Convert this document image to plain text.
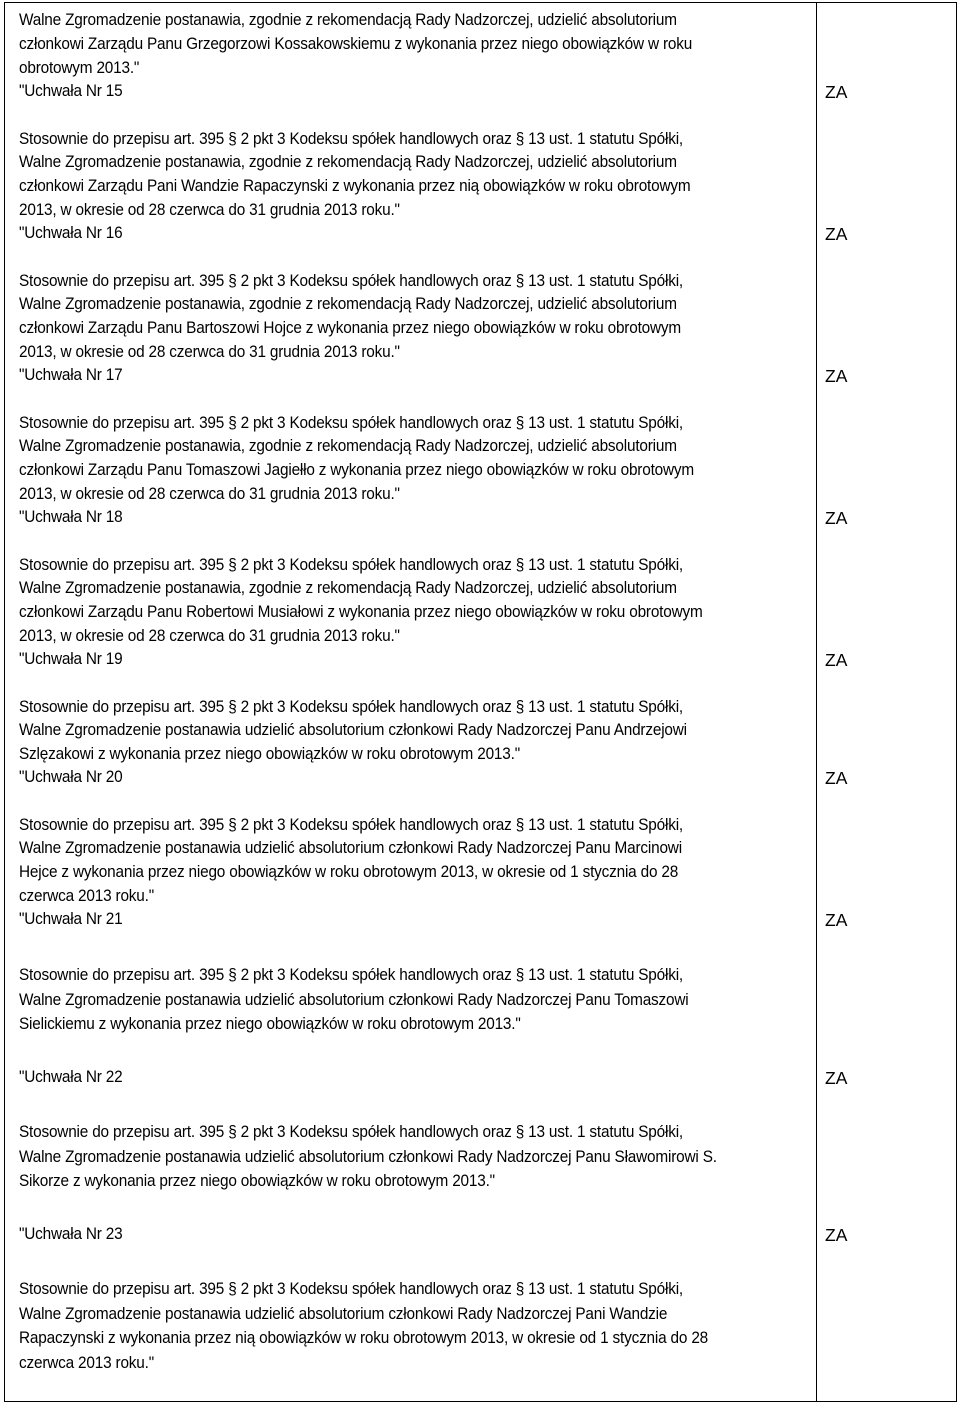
Walne Zgromadzenie postanawia, zgodnie z rekomendacją Rady Nadzorczej, udzielić absolutorium
członkowi Zarządu Panu Grzegorzowi Kossakowskiemu z wykonania przez niego obowiązków w roku
obrotowym 2013."
"Uchwała Nr 15	ZA
Stosownie do przepisu art. 395 § 2 pkt 3 Kodeksu spółek handlowych oraz § 13 ust. 1 statutu Spółki,
Walne Zgromadzenie postanawia, zgodnie z rekomendacją Rady Nadzorczej, udzielić absolutorium
członkowi Zarządu Pani Wandzie Rapaczynski z wykonania przez nią obowiązków w roku obrotowym
2013, w okresie od 28 czerwca do 31 grudnia 2013 roku."
"Uchwała Nr 16	ZA
Stosownie do przepisu art. 395 § 2 pkt 3 Kodeksu spółek handlowych oraz § 13 ust. 1 statutu Spółki,
Walne Zgromadzenie postanawia, zgodnie z rekomendacją Rady Nadzorczej, udzielić absolutorium
członkowi Zarządu Panu Bartoszowi Hojce z wykonania przez niego obowiązków w roku obrotowym
2013, w okresie od 28 czerwca do 31 grudnia 2013 roku."
"Uchwała Nr 17	ZA
Stosownie do przepisu art. 395 § 2 pkt 3 Kodeksu spółek handlowych oraz § 13 ust. 1 statutu Spółki,
Walne Zgromadzenie postanawia, zgodnie z rekomendacją Rady Nadzorczej, udzielić absolutorium
członkowi Zarządu Panu Tomaszowi Jagiełło z wykonania przez niego obowiązków w roku obrotowym
2013, w okresie od 28 czerwca do 31 grudnia 2013 roku."
"Uchwała Nr 18	ZA
Stosownie do przepisu art. 395 § 2 pkt 3 Kodeksu spółek handlowych oraz § 13 ust. 1 statutu Spółki,
Walne Zgromadzenie postanawia, zgodnie z rekomendacją Rady Nadzorczej, udzielić absolutorium
członkowi Zarządu Panu Robertowi Musiałowi z wykonania przez niego obowiązków w roku obrotowym
2013, w okresie od 28 czerwca do 31 grudnia 2013 roku."
"Uchwała Nr 19	ZA
Stosownie do przepisu art. 395 § 2 pkt 3 Kodeksu spółek handlowych oraz § 13 ust. 1 statutu Spółki,
Walne Zgromadzenie postanawia udzielić absolutorium członkowi Rady Nadzorczej Panu Andrzejowi
Szlęzakowi z wykonania przez niego obowiązków w roku obrotowym 2013."
"Uchwała Nr 20	ZA
Stosownie do przepisu art. 395 § 2 pkt 3 Kodeksu spółek handlowych oraz § 13 ust. 1 statutu Spółki,
Walne Zgromadzenie postanawia udzielić absolutorium członkowi Rady Nadzorczej Panu Marcinowi
Hejce z wykonania przez niego obowiązków w roku obrotowym 2013, w okresie od 1 stycznia do 28
czerwca 2013 roku."
"Uchwała Nr 21	ZA
Stosownie do przepisu art. 395 § 2 pkt 3 Kodeksu spółek handlowych oraz § 13 ust. 1 statutu Spółki,
Walne Zgromadzenie postanawia udzielić absolutorium członkowi Rady Nadzorczej Panu Tomaszowi
Sielickiemu z wykonania przez niego obowiązków w roku obrotowym 2013."
"Uchwała Nr 22	ZA
Stosownie do przepisu art. 395 § 2 pkt 3 Kodeksu spółek handlowych oraz § 13 ust. 1 statutu Spółki,
Walne Zgromadzenie postanawia udzielić absolutorium członkowi Rady Nadzorczej Panu Sławomirowi S.
Sikorze z wykonania przez niego obowiązków w roku obrotowym 2013."
"Uchwała Nr 23	ZA
Stosownie do przepisu art. 395 § 2 pkt 3 Kodeksu spółek handlowych oraz § 13 ust. 1 statutu Spółki,
Walne Zgromadzenie postanawia udzielić absolutorium członkowi Rady Nadzorczej Pani Wandzie
Rapaczynski z wykonania przez nią obowiązków w roku obrotowym 2013, w okresie od 1 stycznia do 28
czerwca 2013 roku."
